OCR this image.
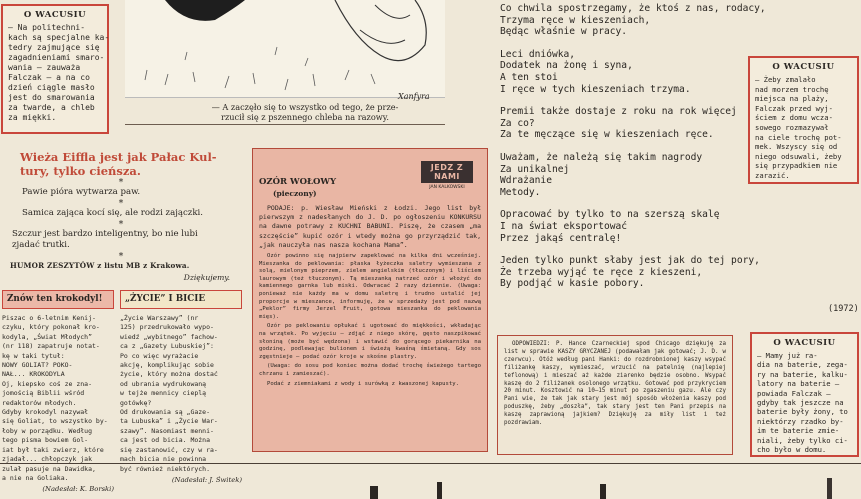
O WACUSIU
— Na politechni-
kach są specjalne ka-
tedry zajmujące się
zagadnieniami smaro-
wania — zauważa
Falczak — a na co
dzień ciągle masło
jest do smarowania
za twarde, a chleb
za miękki.
Xanfyra
— A zaczęło się to wszystko od tego, że prze-
rzucił się z pszennego chleba na razowy.
Wieża Eiffla jest jak Pałac Kul-
tury, tylko cieńsza.
*
Pawie pióra wytwarza paw.
*
Samica zająca kocí się, ale rodzi zajączki.
*
Szczur jest bardzo inteligentny, bo nie lubi
zjadać trutki.
*
HUMOR ZESZYTÓW z listu MB z Krakowa.
Dziękujemy.
Znów ten krokodyl!
Piszac o 6-letnim Kenij-
czyku, który pokonał kro-
kodyla, „Świat Młodych”
(nr 118) zapatruje notat-
kę w taki tytuł:
NOWY GOLIAT? POKO-
NAŁ... KROKODYLA
Oj, kiepsko coś ze zna-
jomością Biblii wśród
redaktorów młodych.
Gdyby krokodyl nazywał
się Goliat, to wszystko by-
łoby w porządku. Według
tego pisma bowiem Gol-
iat był taki zwierz, które
zjadał... chłopczyk jak
zulał pasuje na Dawidka,
a nie na Goliaka.
(Nadesłał: K. Borski)
„ŻYCIE” I BICIE
„Życie Warszawy” (nr
125) przedrukowało wypo-
wiedź „wybitnego” fachow-
ca z „Gazety Lubuskiej”:
Po co więc wyrażacie
akcję, komplikując sobie
życie, który można dostać
od ubrania wydrukowaną
w tejże mennicy cieplą
gotówkę?
Od drukowania są „Gaze-
ta Lubuska” i „Życie War-
szawy”. Nasomiast menni-
ca jest od bicia. Można
się zastanowić, czy w ra-
mach bicia nie powinna
być również niektórych.
(Nadesłał: J. Świtek)
OZÓR WOŁOWY
(pieczony)
JEDZ Z NAMI
JAN KALKOWSKI
PODAJE: p. Wiesław Mieński z Łodzi. Jego list był pierwszym z nadesłanych do J. D. po ogłoszeniu KONKURSU na dawne potrawy z KUCHNI BABUNI. Piszę, że czasem „ma szczęście” kupić ozór i wtedy można go przyrządzić tak, „jak nauczyła nas nasza kochana Mama”.
Ozór powinno się najpierw zapeklować na kilka dni wcześniej. Mieszanka do peklowania: płaska łyżeczka saletry wymieszana z solą, mielonym pieprzem, zielem angielskim (tłuczonym) i liściem laurowym (też tłuczonym). Tą mieszanką natrzeć ozór i włożyć do kamiennego garnka lub miski. Odwracać 2 razy dziennie. (Uwaga: ponieważ nie każdy ma w domu saletrę i trudno ustalić jej proporcje w mieszance, informuję, że w sprzedaży jest pod nazwą „Peklor” firmy Jerzel Fruit, gotowa mieszanka do peklowania mięs).
Ozór po peklowaniu opłukać i ugotować do miękkości, wkładając na wrzątek. Po wyjęciu — zdjąć z niego skórę, gęsto naszpikować słoniną (może być wędzona) i wstawić do gorącego piekarnika na godzinę, podlewając bulionem i świeżą kwaśną śmietaną. Gdy sos zgęstnieje — podać ozór kroje w skośne plastry.
(Uwaga: do sosu pod koniec można dodać trochę świeżego tartego chrzanu i zamieszać).
Podać z ziemniakami z wody i surówką z kwaszonej kapusty.
Co chwila spostrzegamy, że ktoś z nas, rodacy,
Trzyma ręce w kieszeniach,
Będąc właśnie w pracy.
Leci dniówka,
Dodatek na żonę i syna,
A ten stoi
I ręce w tych kieszeniach trzyma.
Premii także dostaje z roku na rok więcej
Za co?
Za te męczące się w kieszeniach ręce.
Uważam, że należą się takim nagrody
Za unikalnej
Wdrażanie
Metody.
Opracować by tylko to na szerszą skalę
I na świat eksportować
Przez jakąś centralę!
Jeden tylko punkt słaby jest jak do tej pory,
Że trzeba wyjąć te ręce z kieszeni,
By podjąć w kasie pobory.
(1972)
O WACUSIU
— Żeby zmalało
nad morzem trochę
miejsca na plaży,
Falczak przed wyj-
ściem z domu wcza-
sowego rozmazywał
na ciele trochę pot-
mek. Wszyscy się od
niego odsuwali, żeby
się przypadkiem nie
zarazić.
ODPOWIEDZI: P. Hance Czarneckiej spod Chicago dziękuję za list w sprawie KASZY GRYCZANEJ (podawałam jak gotować; J. D. w czerwcu). Otóż według pani Hanki: do rozdrobnionej kaszy wsypać filiżankę kaszy, wymieszać, wrzucić na patelnię (najlepiej teflonową) i mieszać aż każde ziarenko będzie osobno. Wsypać kaszę do 2 filiżanek osolonego wrzątku. Gotować pod przykryciem 20 minut. Kosztowić na 10—15 minut po zgaszeniu gazu. Ale czy Pani wie, że tak jak stary jest mój sposób włożenia kaszy pod poduszkę, żeby „doszła”, tak stary jest ten Pani przepis na kaszę zaprawioną jajkiem? Dziękuję za miły list i też pozdrawiam.
O WACUSIU
— Mamy już ra-
dia na baterie, zega-
ry na baterie, kalku-
latory na baterie —
powiada Falczak —
gdyby tak jeszcze na
baterie były żony, to
niektórzy rzadko by-
im te baterie zmie-
niali, żeby tylko ci-
cho było w domu.
